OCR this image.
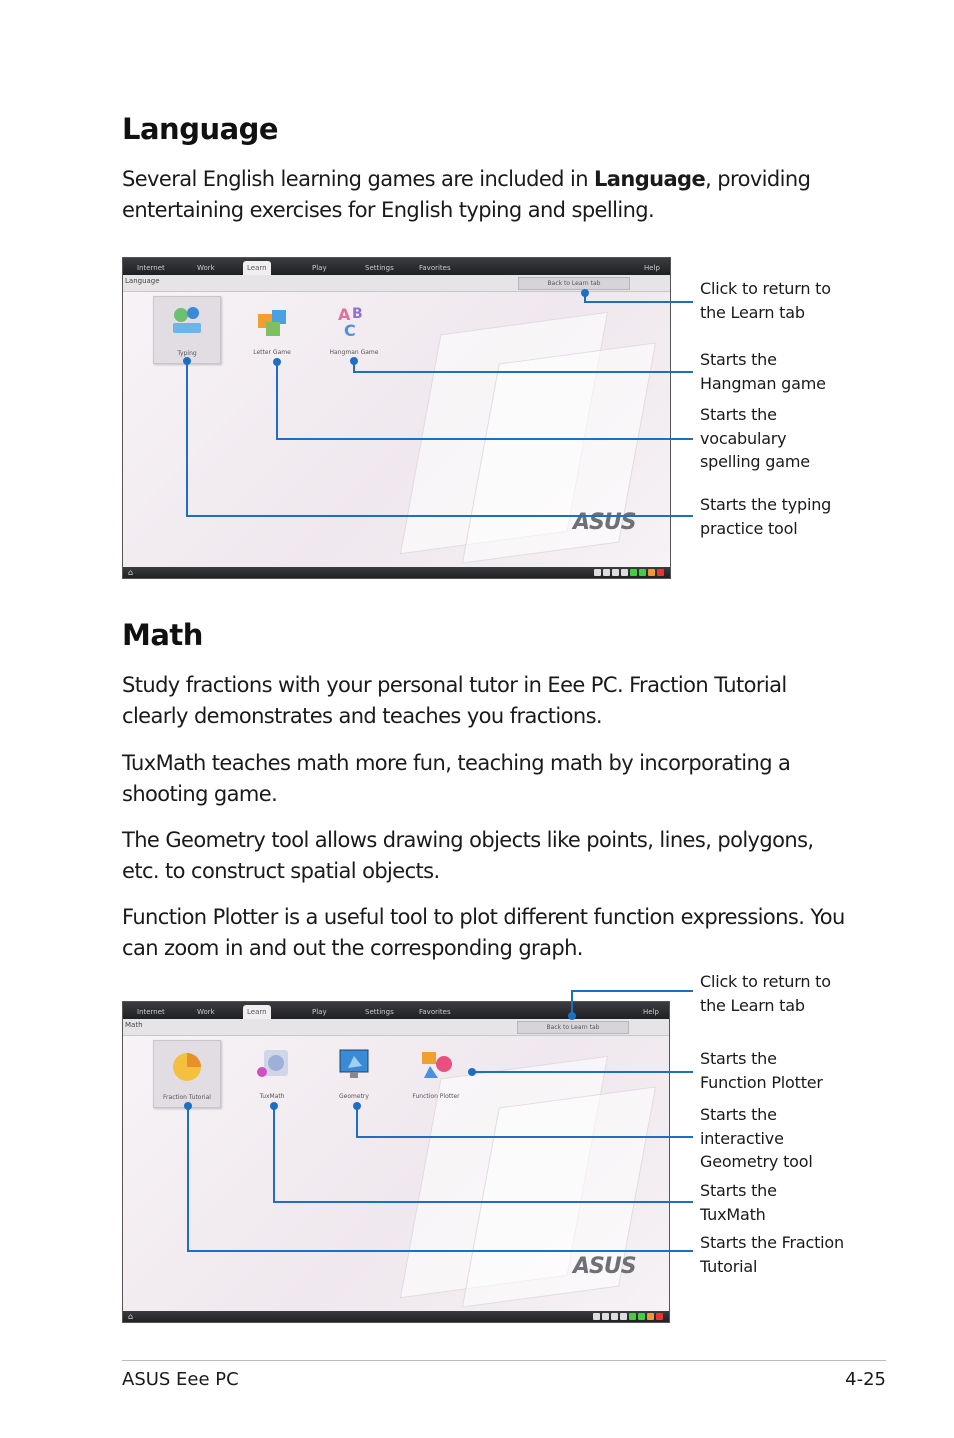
Language
Several English learning games are included in Language, providing entertaining exercises for English typing and spelling.
Internet	Work	Learn	Play	Settings	Favorites	Help
Language	Back to Learn tab
ASUS
Typing	Letter Game
A B
C
Hangman Game
⌂
Click to return to the Learn tab
Starts the Hangman game
Starts the vocabulary spelling game
Starts the typing practice tool
Math
Study fractions with your personal tutor in Eee PC. Fraction Tutorial clearly demonstrates and teaches you fractions.
TuxMath teaches math more fun, teaching math by incorporating a shooting game.
The Geometry tool allows drawing objects like points, lines, polygons, etc. to construct spatial objects.
Function Plotter is a useful tool to plot different function expressions. You can zoom in and out the corresponding graph.
Internet	Work	Learn	Play	Settings	Favorites	Help
Math	Back to Learn tab
ASUS
Fraction Tutorial	TuxMath	Geometry	Function Plotter
⌂
Click to return to the Learn tab
Starts the Function Plotter
Starts the interactive Geometry tool
Starts the TuxMath
Starts the Fraction Tutorial
ASUS Eee PC	4-25
